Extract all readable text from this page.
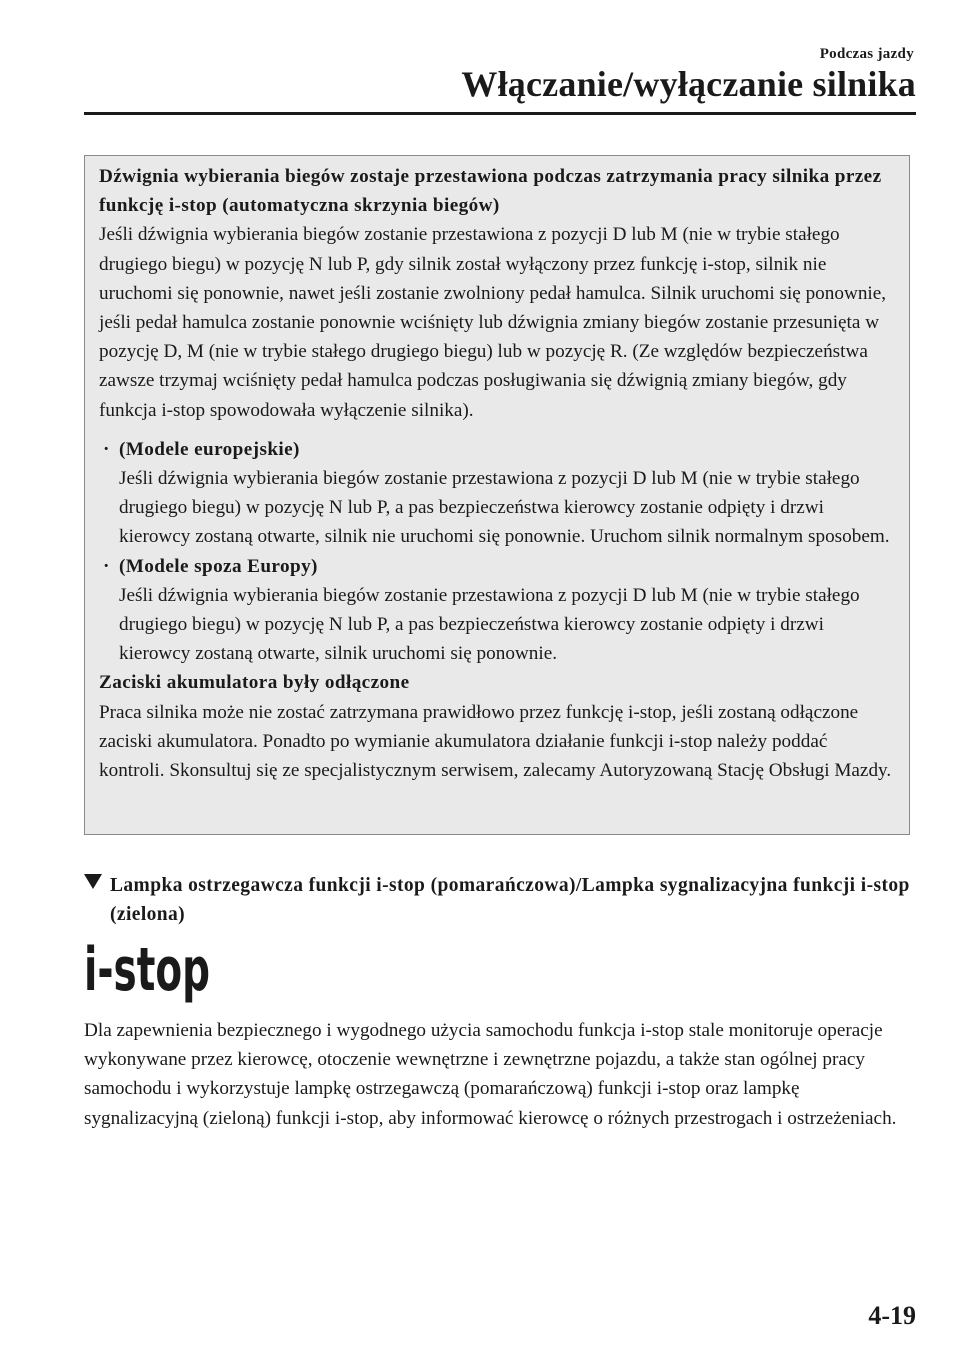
Podczas jazdy
Włączanie/wyłączanie silnika

Dźwignia wybierania biegów zostaje przestawiona podczas zatrzymania pracy silnika przez funkcję i-stop (automatyczna skrzynia biegów)

Jeśli dźwignia wybierania biegów zostanie przestawiona z pozycji D lub M (nie w trybie stałego drugiego biegu) w pozycję N lub P, gdy silnik został wyłączony przez funkcję i-stop, silnik nie uruchomi się ponownie, nawet jeśli zostanie zwolniony pedał hamulca. Silnik uruchomi się ponownie, jeśli pedał hamulca zostanie ponownie wciśnięty lub dźwignia zmiany biegów zostanie przesunięta w pozycję D, M (nie w trybie stałego drugiego biegu) lub w pozycję R. (Ze względów bezpieczeństwa zawsze trzymaj wciśnięty pedał hamulca podczas posługiwania się dźwignią zmiany biegów, gdy funkcja i-stop spowodowała wyłączenie silnika).

· (Modele europejskie)
Jeśli dźwignia wybierania biegów zostanie przestawiona z pozycji D lub M (nie w trybie stałego drugiego biegu) w pozycję N lub P, a pas bezpieczeństwa kierowcy zostanie odpięty i drzwi kierowcy zostaną otwarte, silnik nie uruchomi się ponownie. Uruchom silnik normalnym sposobem.
· (Modele spoza Europy)
Jeśli dźwignia wybierania biegów zostanie przestawiona z pozycji D lub M (nie w trybie stałego drugiego biegu) w pozycję N lub P, a pas bezpieczeństwa kierowcy zostanie odpięty i drzwi kierowcy zostaną otwarte, silnik uruchomi się ponownie.

Zaciski akumulatora były odłączone

Praca silnika może nie zostać zatrzymana prawidłowo przez funkcję i-stop, jeśli zostaną odłączone zaciski akumulatora. Ponadto po wymianie akumulatora działanie funkcji i-stop należy poddać kontroli. Skonsultuj się ze specjalistycznym serwisem, zalecamy Autoryzowaną Stację Obsługi Mazdy.

Lampka ostrzegawcza funkcji i-stop (pomarańczowa)/Lampka sygnalizacyjna funkcji i-stop (zielona)
i-stop

Dla zapewnienia bezpiecznego i wygodnego użycia samochodu funkcja i-stop stale monitoruje operacje wykonywane przez kierowcę, otoczenie wewnętrzne i zewnętrzne pojazdu, a także stan ogólnej pracy samochodu i wykorzystuje lampkę ostrzegawczą (pomarańczową) funkcji i-stop oraz lampkę sygnalizacyjną (zieloną) funkcji i-stop, aby informować kierowcę o różnych przestrogach i ostrzeżeniach.

4-19
